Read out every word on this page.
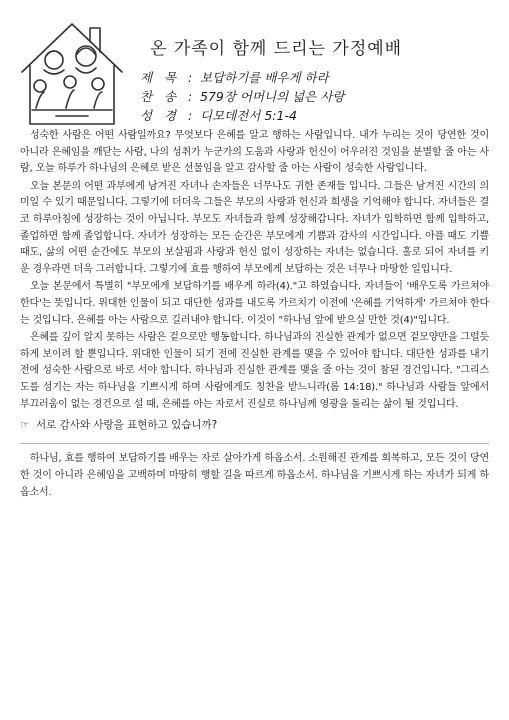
온 가족이 함께 드리는 가정예배
제 목 : 보답하기를 배우게 하라
찬 송 : 579장 어머니의 넓은 사랑
성 경 : 디모데전서 5:1-4

성숙한 사람은 어떤 사람일까요? 무엇보다 은혜를 알고 행하는 사람입니다. 내가 누리는 것이 당연한 것이 아니라 은혜임을 깨닫는 사람, 나의 성취가 누군가의 도움과 사랑과 헌신이 어우러진 것임을 분별할 줄 아는 사람, 오늘 하루가 하나님의 은혜로 받은 선물임을 알고 감사할 줄 아는 사람이 성숙한 사람입니다.

오늘 본문의 어떤 과부에게 남겨진 자녀나 손자들은 너무나도 귀한 존재들 입니다. 그들은 남겨진 시간의 의미일 수 있기 때문입니다. 그렇기에 더더욱 그들은 부모의 사랑과 헌신과 희생을 기억해야 합니다. 자녀들은 결코 하루아침에 성장하는 것이 아닙니다. 부모도 자녀들과 함께 성장해갑니다. 자녀가 입학하면 함께 입학하고, 졸업하면 함께 졸업합니다. 자녀가 성장하는 모든 순간은 부모에게 기쁨과 감사의 시간입니다. 아플 때도 기쁠 때도, 삶의 어떤 순간에도 부모의 보살핌과 사랑과 헌신 없이 성장하는 자녀는 없습니다. 홀로 되어 자녀를 키운 경우라면 더욱 그러합니다. 그렇기에 효를 행하여 부모에게 보답하는 것은 너무나 마땅한 일입니다.

오늘 본문에서 특별히 "부모에게 보답하기를 배우게 하라(4)."고 하였습니다. 자녀들이 '배우도록 가르쳐야 한다'는 뜻입니다. 위대한 인물이 되고 대단한 성과를 내도록 가르치기 이전에 '은혜를 기억하게' 가르쳐야 한다는 것입니다. 은혜를 아는 사람으로 길러내야 합니다. 이것이 "하나님 앞에 받으실 만한 것(4)"입니다.

은혜를 깊이 알지 못하는 사람은 겉으로만 행동합니다. 하나님과의 진실한 관계가 없으면 겉모양만을 그럴듯하게 보이려 할 뿐입니다. 위대한 인물이 되기 전에 진실한 관계를 맺을 수 있어야 합니다. 대단한 성과를 내기 전에 성숙한 사람으로 바로 서야 합니다. 하나님과 진실한 관계를 맺을 줄 아는 것이 참된 경건입니다. "그리스도를 섬기는 자는 하나님을 기쁘시게 하며 사람에게도 칭찬을 받느니라(롬 14:18)." 하나님과 사람들 앞에서 부끄러움이 없는 경건으로 설 때, 은혜를 아는 자로서 진실로 하나님께 영광을 돌리는 삶이 될 것입니다.

☞ 서로 감사와 사랑을 표현하고 있습니까?

하나님, 효를 행하여 보답하기를 배우는 자로 살아가게 하옵소서. 소원해진 관계를 회복하고, 모든 것이 당연한 것이 아니라 은혜임을 고백하며 마땅히 행할 길을 따르게 하옵소서. 하나님을 기쁘시게 하는 자녀가 되게 하옵소서.
